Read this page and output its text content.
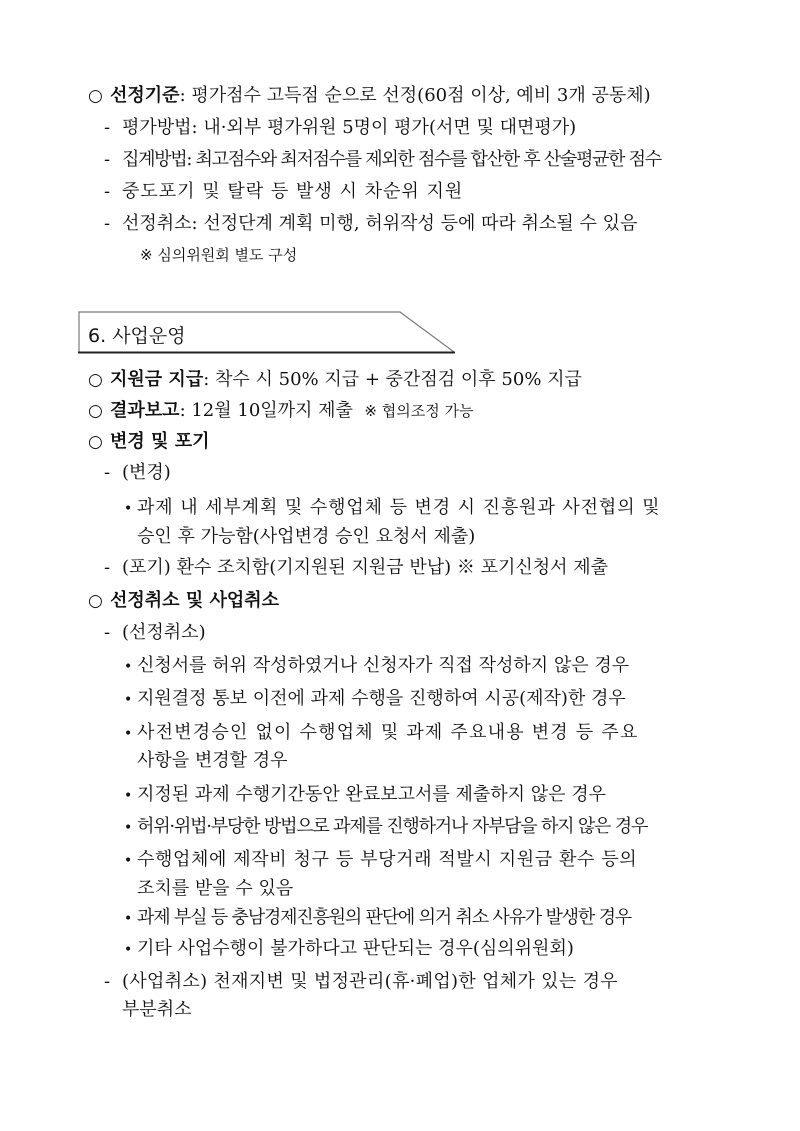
○ 선정기준: 평가점수 고득점 순으로 선정(60점 이상, 예비 3개 공동체)
- 평가방법: 내·외부 평가위원 5명이 평가(서면 및 대면평가)
- 집계방법: 최고점수와 최저점수를 제외한 점수를 합산한 후 산술평균한 점수
- 중도포기 및 탈락 등 발생 시 차순위 지원
- 선정취소: 선정단계 계획 미행, 허위작성 등에 따라 취소될 수 있음
※ 심의위원회 별도 구성
6. 사업운영
○ 지원금 지급: 착수 시 50% 지급 + 중간점검 이후 50% 지급
○ 결과보고: 12월 10일까지 제출 ※ 협의조정 가능
○ 변경 및 포기
- (변경)
• 과제 내 세부계획 및 수행업체 등 변경 시 진흥원과 사전협의 및
승인 후 가능함(사업변경 승인 요청서 제출)
- (포기) 환수 조치함(기지원된 지원금 반납) ※ 포기신청서 제출
○ 선정취소 및 사업취소
- (선정취소)
• 신청서를 허위 작성하였거나 신청자가 직접 작성하지 않은 경우
• 지원결정 통보 이전에 과제 수행을 진행하여 시공(제작)한 경우
• 사전변경승인 없이 수행업체 및 과제 주요내용 변경 등 주요
사항을 변경할 경우
• 지정된 과제 수행기간동안 완료보고서를 제출하지 않은 경우
• 허위·위법·부당한 방법으로 과제를 진행하거나 자부담을 하지 않은 경우
• 수행업체에 제작비 청구 등 부당거래 적발시 지원금 환수 등의
조치를 받을 수 있음
• 과제 부실 등 충남경제진흥원의 판단에 의거 취소 사유가 발생한 경우
• 기타 사업수행이 불가하다고 판단되는 경우(심의위원회)
- (사업취소) 천재지변 및 법정관리(휴·폐업)한 업체가 있는 경우
부분취소
